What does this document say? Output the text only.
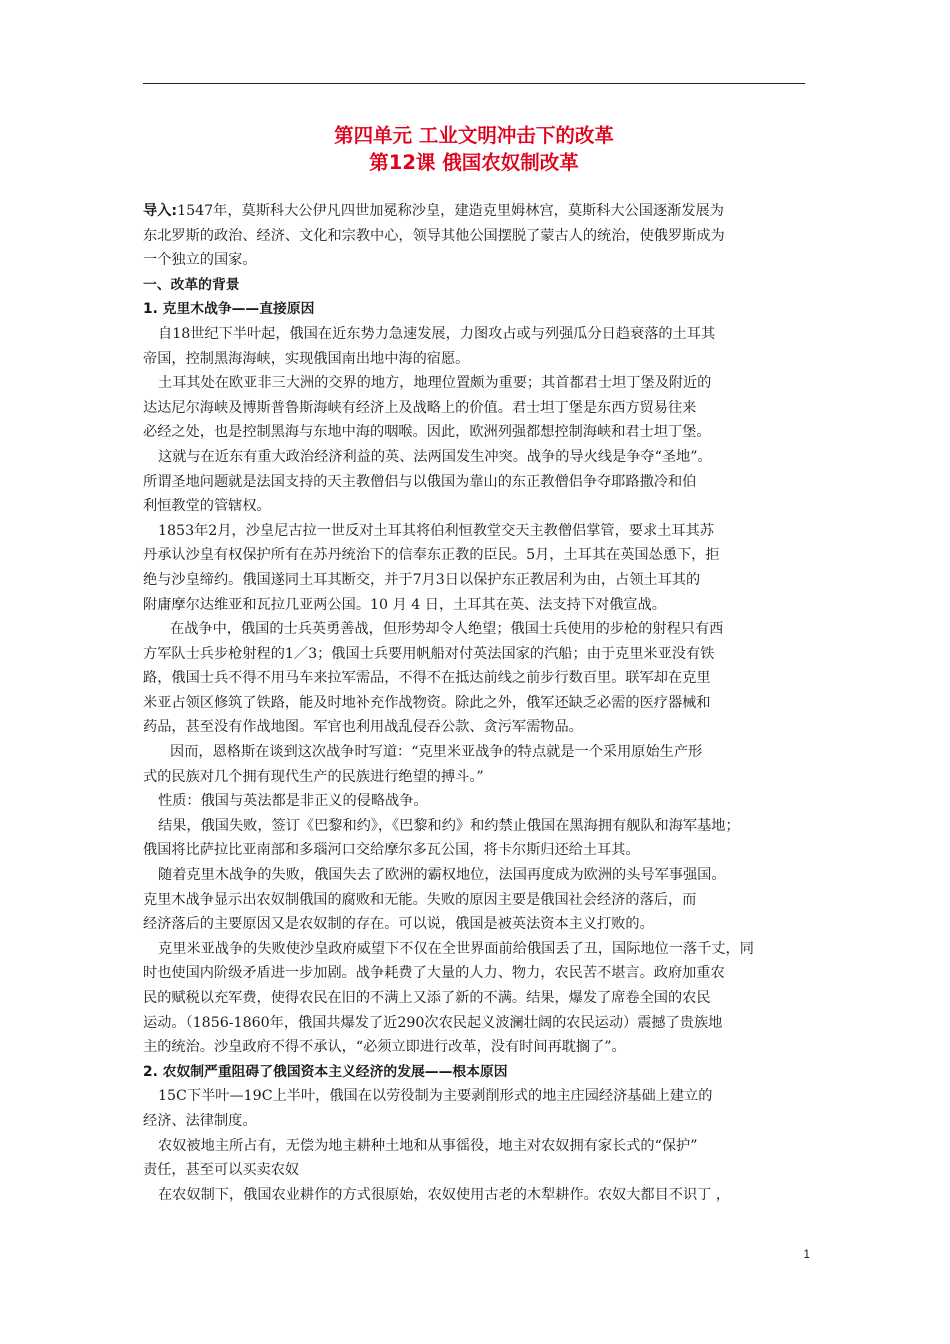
第四单元 工业文明冲击下的改革
第12课 俄国农奴制改革

导入:1547年，莫斯科大公伊凡四世加冕称沙皇，建造克里姆林宫，莫斯科大公国逐渐发展为

东北罗斯的政治、经济、文化和宗教中心，领导其他公国摆脱了蒙古人的统治，使俄罗斯成为

一个独立的国家。

一、改革的背景

1. 克里木战争——直接原因

自18世纪下半叶起，俄国在近东势力急速发展，力图攻占或与列强瓜分日趋衰落的土耳其

帝国，控制黑海海峡，实现俄国南出地中海的宿愿。

土耳其处在欧亚非三大洲的交界的地方，地理位置颇为重要；其首都君士坦丁堡及附近的

达达尼尔海峡及博斯普鲁斯海峡有经济上及战略上的价值。君士坦丁堡是东西方贸易往来

必经之处，也是控制黑海与东地中海的咽喉。因此，欧洲列强都想控制海峡和君士坦丁堡。

这就与在近东有重大政治经济利益的英、法两国发生冲突。战争的导火线是争夺“圣地”。

所谓圣地问题就是法国支持的天主教僧侣与以俄国为靠山的东正教僧侣争夺耶路撒冷和伯

利恒教堂的管辖权。

1853年2月，沙皇尼古拉一世反对土耳其将伯利恒教堂交天主教僧侣掌管，要求土耳其苏

丹承认沙皇有权保护所有在苏丹统治下的信奉东正教的臣民。5月，土耳其在英国怂恿下，拒

绝与沙皇缔约。俄国遂同土耳其断交，并于7月3日以保护东正教居利为由，占领土耳其的

附庸摩尔达维亚和瓦拉几亚两公国。10 月 4 日，土耳其在英、法支持下对俄宣战。

在战争中，俄国的士兵英勇善战，但形势却令人绝望；俄国士兵使用的步枪的射程只有西

方军队士兵步枪射程的1／3；俄国士兵要用帆船对付英法国家的汽船；由于克里米亚没有铁

路，俄国士兵不得不用马车来拉军需品，不得不在抵达前线之前步行数百里。联军却在克里

米亚占领区修筑了铁路，能及时地补充作战物资。除此之外，俄军还缺乏必需的医疗器械和

药品，甚至没有作战地图。军官也利用战乱侵吞公款、贪污军需物品。

因而，恩格斯在谈到这次战争时写道：“克里米亚战争的特点就是一个采用原始生产形

式的民族对几个拥有现代生产的民族进行绝望的搏斗。”

性质：俄国与英法都是非正义的侵略战争。

结果，俄国失败，签订《巴黎和约》，《巴黎和约》和约禁止俄国在黑海拥有舰队和海军基地；

俄国将比萨拉比亚南部和多瑙河口交给摩尔多瓦公国，将卡尔斯归还给土耳其。

随着克里木战争的失败，俄国失去了欧洲的霸权地位，法国再度成为欧洲的头号军事强国。

克里木战争显示出农奴制俄国的腐败和无能。失败的原因主要是俄国社会经济的落后，而

经济落后的主要原因又是农奴制的存在。可以说，俄国是被英法资本主义打败的。

克里米亚战争的失败使沙皇政府威望下不仅在全世界面前给俄国丢了丑，国际地位一落千丈，同

时也使国内阶级矛盾进一步加剧。战争耗费了大量的人力、物力，农民苦不堪言。政府加重农

民的赋税以充军费，使得农民在旧的不满上又添了新的不满。结果，爆发了席卷全国的农民

运动。（1856-1860年，俄国共爆发了近290次农民起义波澜壮阔的农民运动）震撼了贵族地

主的统治。沙皇政府不得不承认，“必须立即进行改革，没有时间再耽搁了”。

2. 农奴制严重阻碍了俄国资本主义经济的发展——根本原因

15C下半叶—19C上半叶，俄国在以劳役制为主要剥削形式的地主庄园经济基础上建立的

经济、法律制度。

农奴被地主所占有，无偿为地主耕种土地和从事徭役，地主对农奴拥有家长式的“保护”

责任，甚至可以买卖农奴

在农奴制下，俄国农业耕作的方式很原始，农奴使用古老的木犁耕作。农奴大都目不识丁 ，

1
